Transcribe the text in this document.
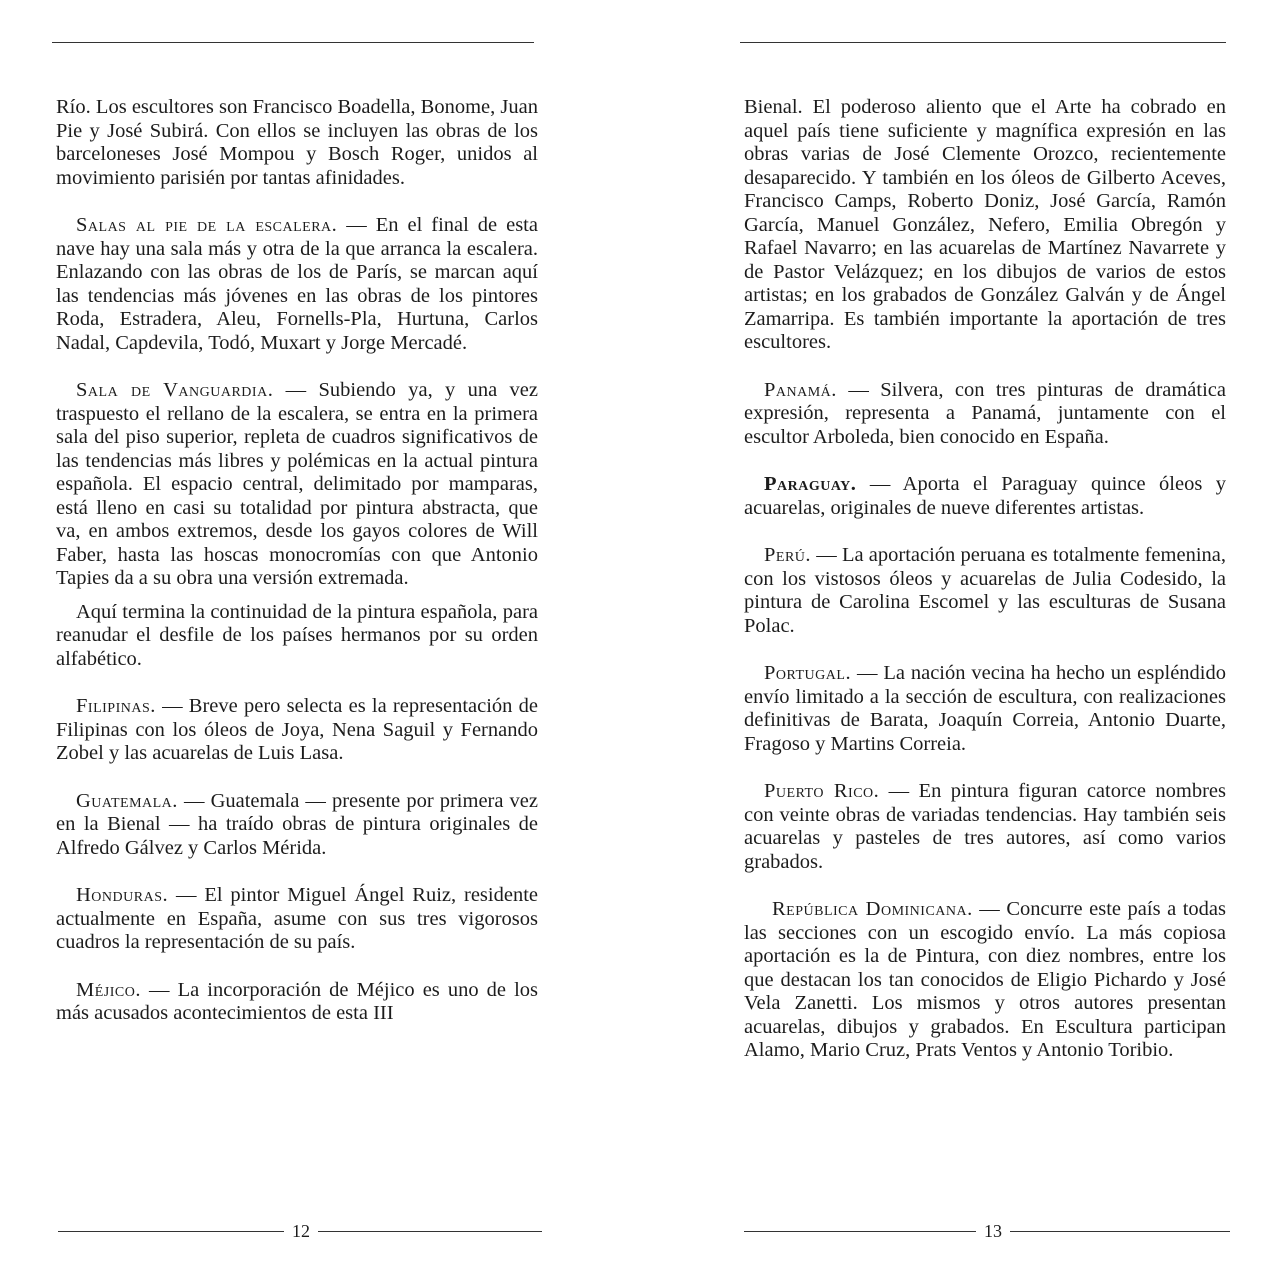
Río. Los escultores son Francisco Boadella, Bonome, Juan Pie y José Subirá. Con ellos se incluyen las obras de los barceloneses José Mompou y Bosch Roger, unidos al movimiento parisién por tantas afinidades.

Salas al pie de la escalera. — En el final de esta nave hay una sala más y otra de la que arranca la escalera. Enlazando con las obras de los de París, se marcan aquí las tendencias más jóvenes en las obras de los pintores Roda, Estradera, Aleu, Fornells-Pla, Hurtuna, Carlos Nadal, Capdevila, Todó, Muxart y Jorge Mercadé.

Sala de Vanguardia. — Subiendo ya, y una vez traspuesto el rellano de la escalera, se entra en la primera sala del piso superior, repleta de cuadros significativos de las tendencias más libres y polémicas en la actual pintura española. El espacio central, delimitado por mamparas, está lleno en casi su totalidad por pintura abstracta, que va, en ambos extremos, desde los gayos colores de Will Faber, hasta las hoscas monocromías con que Antonio Tapies da a su obra una versión extremada.

Aquí termina la continuidad de la pintura española, para reanudar el desfile de los países hermanos por su orden alfabético.

Filipinas. — Breve pero selecta es la representación de Filipinas con los óleos de Joya, Nena Saguil y Fernando Zobel y las acuarelas de Luis Lasa.

Guatemala. — Guatemala — presente por primera vez en la Bienal — ha traído obras de pintura originales de Alfredo Gálvez y Carlos Mérida.

Honduras. — El pintor Miguel Ángel Ruiz, residente actualmente en España, asume con sus tres vigorosos cuadros la representación de su país.

Méjico. — La incorporación de Méjico es uno de los más acusados acontecimientos de esta III

12

Bienal. El poderoso aliento que el Arte ha cobrado en aquel país tiene suficiente y magnífica expresión en las obras varias de José Clemente Orozco, recientemente desaparecido. Y también en los óleos de Gilberto Aceves, Francisco Camps, Roberto Doniz, José García, Ramón García, Manuel González, Nefero, Emilia Obregón y Rafael Navarro; en las acuarelas de Martínez Navarrete y de Pastor Velázquez; en los dibujos de varios de estos artistas; en los grabados de González Galván y de Ángel Zamarripa. Es también importante la aportación de tres escultores.

Panamá. — Silvera, con tres pinturas de dramática expresión, representa a Panamá, juntamente con el escultor Arboleda, bien conocido en España.

Paraguay. — Aporta el Paraguay quince óleos y acuarelas, originales de nueve diferentes artistas.

Perú. — La aportación peruana es totalmente femenina, con los vistosos óleos y acuarelas de Julia Codesido, la pintura de Carolina Escomel y las esculturas de Susana Polac.

Portugal. — La nación vecina ha hecho un espléndido envío limitado a la sección de escultura, con realizaciones definitivas de Barata, Joaquín Correia, Antonio Duarte, Fragoso y Martins Correia.

Puerto Rico. — En pintura figuran catorce nombres con veinte obras de variadas tendencias. Hay también seis acuarelas y pasteles de tres autores, así como varios grabados.

República Dominicana. — Concurre este país a todas las secciones con un escogido envío. La más copiosa aportación es la de Pintura, con diez nombres, entre los que destacan los tan conocidos de Eligio Pichardo y José Vela Zanetti. Los mismos y otros autores presentan acuarelas, dibujos y grabados. En Escultura participan Alamo, Mario Cruz, Prats Ventos y Antonio Toribio.

13
